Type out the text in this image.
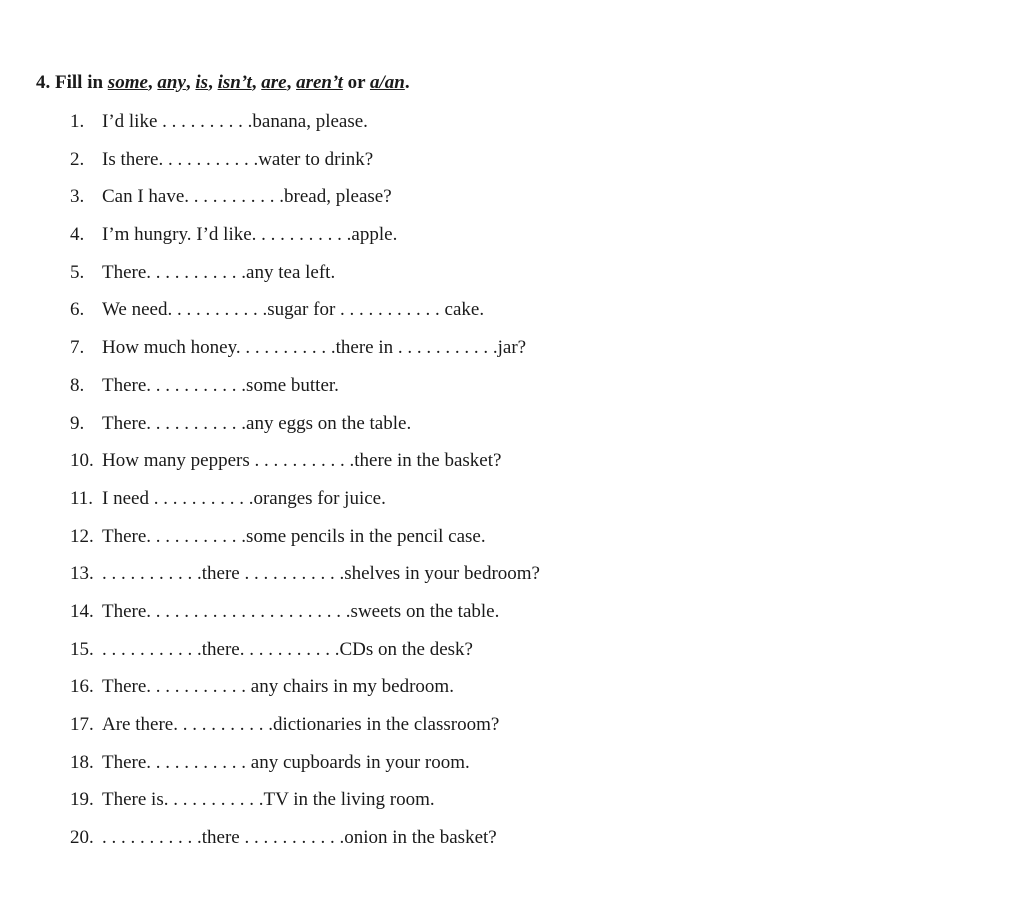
4. Fill in some, any, is, isn’t, are, aren’t or a/an.
1. I’d like . . . . . . . . . .banana, please.
2. Is there. . . . . . . . . . .water to drink?
3. Can I have. . . . . . . . . . .bread, please?
4. I’m hungry. I’d like. . . . . . . . . . .apple.
5. There. . . . . . . . . . .any tea left.
6. We need. . . . . . . . . . .sugar for . . . . . . . . . . . cake.
7. How much honey. . . . . . . . . . .there in . . . . . . . . . . .jar?
8. There. . . . . . . . . . .some butter.
9. There. . . . . . . . . . .any eggs on the table.
10. How many peppers . . . . . . . . . . .there in the basket?
11. I need . . . . . . . . . . .oranges for juice.
12. There. . . . . . . . . . .some pencils in the pencil case.
13. . . . . . . . . . . .there . . . . . . . . . . .shelves in your bedroom?
14. There. . . . . . . . . . . . . . . . . . . . . .sweets on the table.
15. . . . . . . . . . . .there. . . . . . . . . . .CDs on the desk?
16. There. . . . . . . . . . . any chairs in my bedroom.
17. Are there. . . . . . . . . . .dictionaries in the classroom?
18. There. . . . . . . . . . . any cupboards in your room.
19. There is. . . . . . . . . . .TV in the living room.
20. . . . . . . . . . . .there . . . . . . . . . . .onion in the basket?
